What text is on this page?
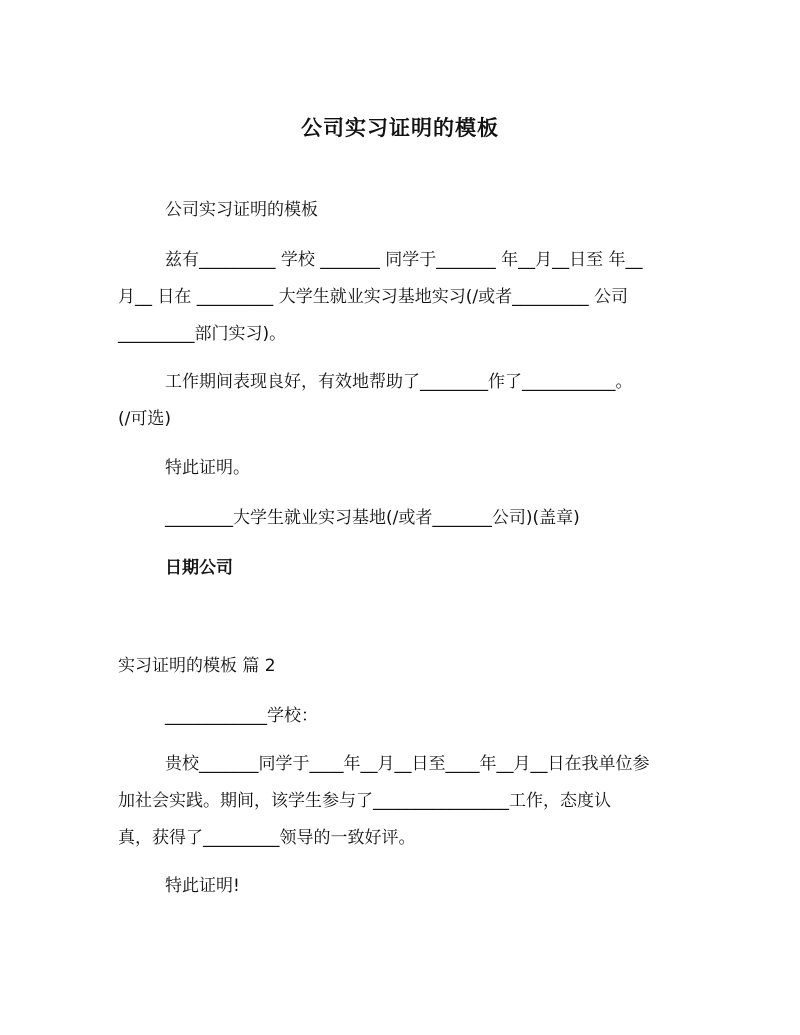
公司实习证明的模板
公司实习证明的模板
兹有_________ 学校 _______ 同学于_______ 年__月__日至 年__
月__ 日在 _________ 大学生就业实习基地实习(/或者_________ 公司
_________部门实习)。
工作期间表现良好，有效地帮助了________作了___________。
(/可选)
特此证明。
________大学生就业实习基地(/或者_______公司)(盖章)
日期公司
实习证明的模板 篇 2
____________学校：
贵校_______同学于____年__月__日至____年__月__日在我单位参
加社会实践。期间，该学生参与了________________工作，态度认
真，获得了_________领导的一致好评。
特此证明!
